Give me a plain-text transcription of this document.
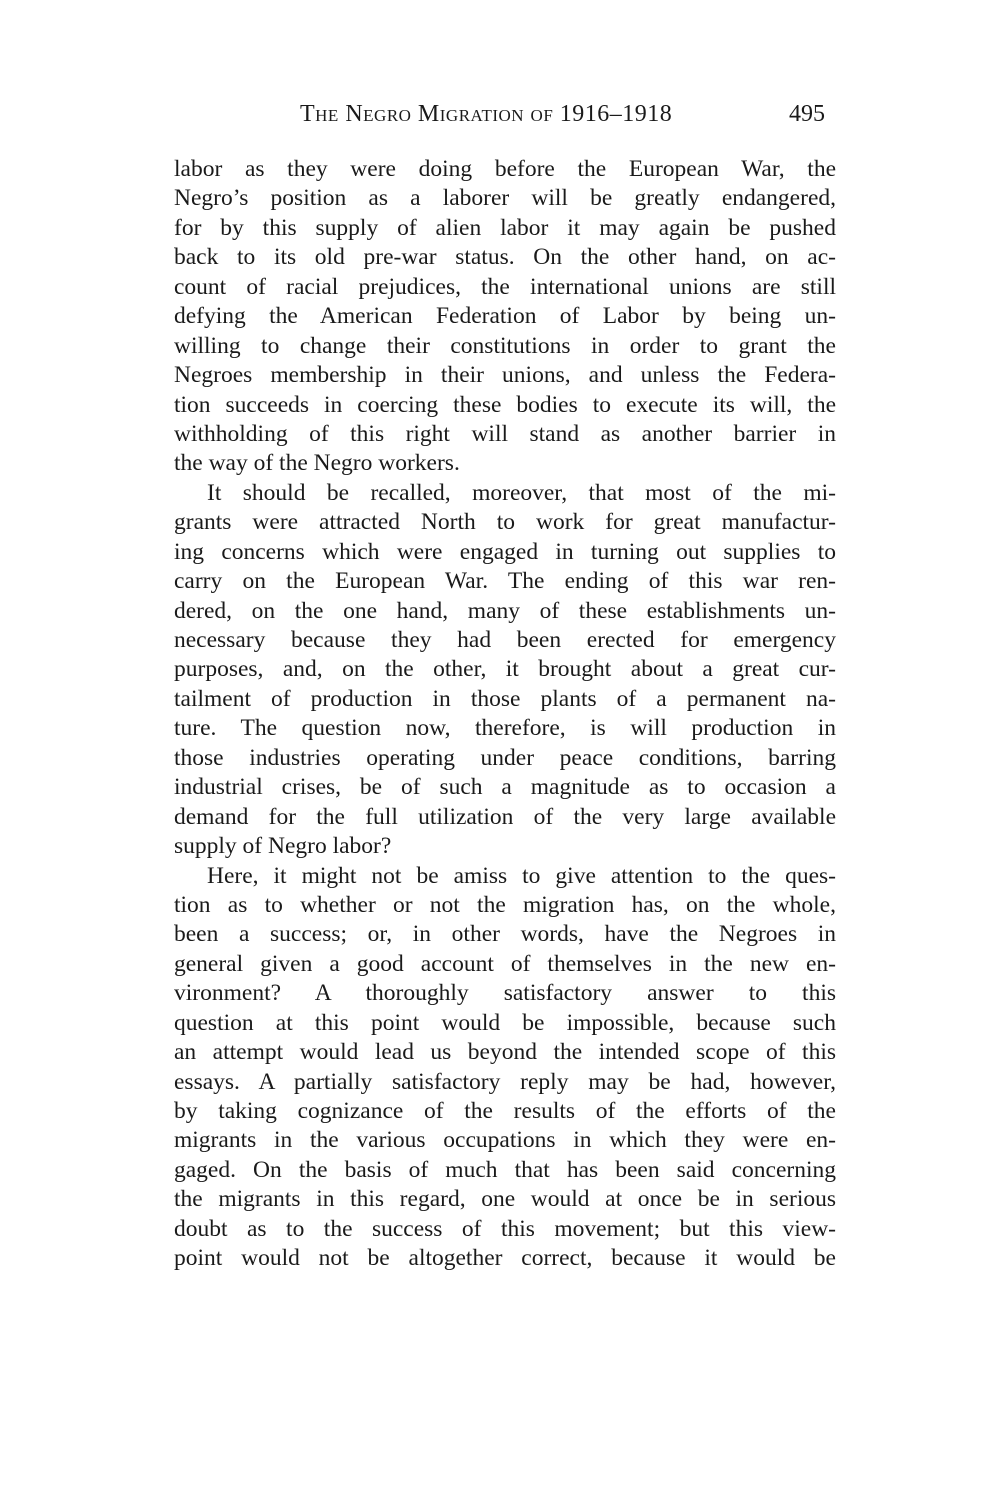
The Negro Migration of 1916–1918	495
labor as they were doing before the European War, the
Negro’s position as a laborer will be greatly endangered,
for by this supply of alien labor it may again be pushed
back to its old pre-war status. On the other hand, on ac-
count of racial prejudices, the international unions are still
defying the American Federation of Labor by being un-
willing to change their constitutions in order to grant the
Negroes membership in their unions, and unless the Federa-
tion succeeds in coercing these bodies to execute its will, the
withholding of this right will stand as another barrier in
the way of the Negro workers.
It should be recalled, moreover, that most of the mi-
grants were attracted North to work for great manufactur-
ing concerns which were engaged in turning out supplies to
carry on the European War. The ending of this war ren-
dered, on the one hand, many of these establishments un-
necessary because they had been erected for emergency
purposes, and, on the other, it brought about a great cur-
tailment of production in those plants of a permanent na-
ture. The question now, therefore, is will production in
those industries operating under peace conditions, barring
industrial crises, be of such a magnitude as to occasion a
demand for the full utilization of the very large available
supply of Negro labor?
Here, it might not be amiss to give attention to the ques-
tion as to whether or not the migration has, on the whole,
been a success; or, in other words, have the Negroes in
general given a good account of themselves in the new en-
vironment? A thoroughly satisfactory answer to this
question at this point would be impossible, because such
an attempt would lead us beyond the intended scope of this
essays. A partially satisfactory reply may be had, however,
by taking cognizance of the results of the efforts of the
migrants in the various occupations in which they were en-
gaged. On the basis of much that has been said concerning
the migrants in this regard, one would at once be in serious
doubt as to the success of this movement; but this view-
point would not be altogether correct, because it would be
